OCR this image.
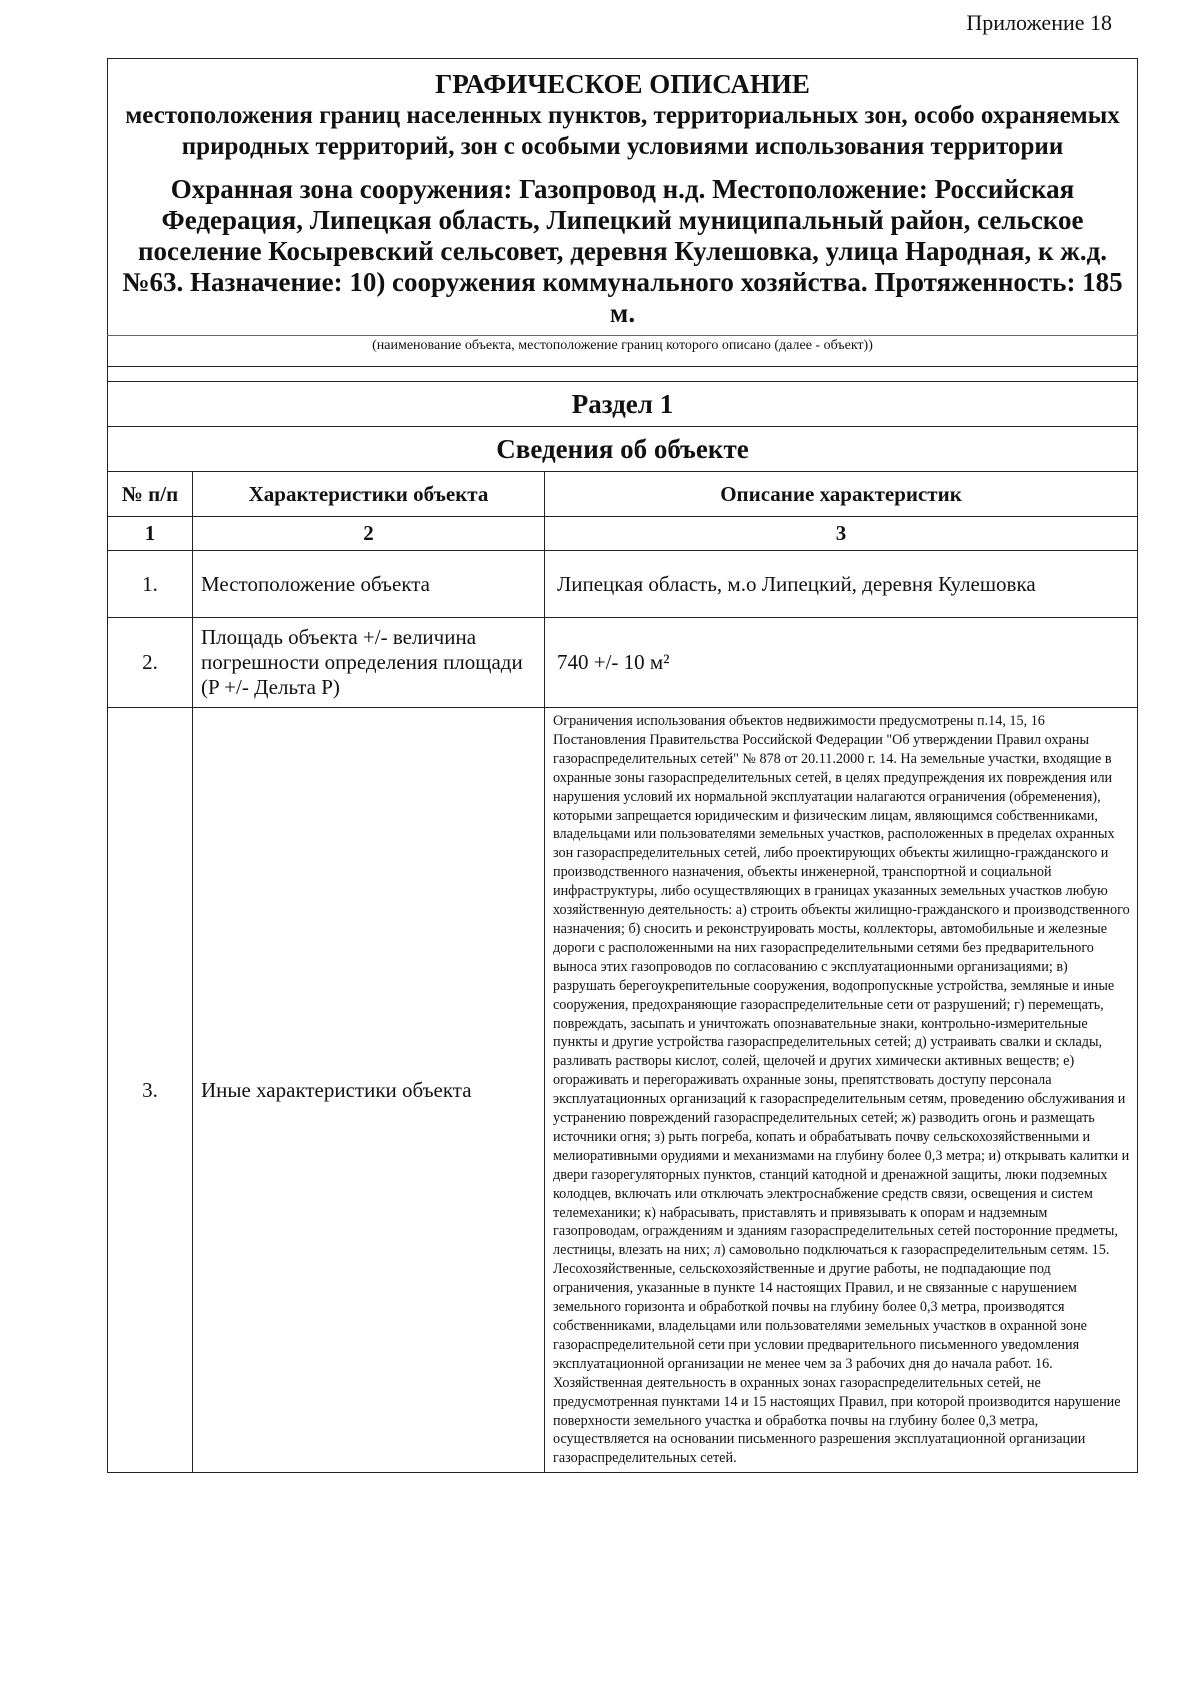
Приложение 18
ГРАФИЧЕСКОЕ ОПИСАНИЕ
местоположения границ населенных пунктов, территориальных зон, особо охраняемых природных территорий, зон с особыми условиями использования территории
Охранная зона сооружения: Газопровод н.д. Местоположение: Российская Федерация, Липецкая область, Липецкий муниципальный район, сельское поселение Косыревский сельсовет, деревня Кулешовка, улица Народная, к ж.д. №63. Назначение: 10) сооружения коммунального хозяйства. Протяженность: 185 м.		

(наименование объекта, местоположение границ которого описано (далее - объект))		

Раздел 1		
Сведения об объекте		
№ п/п	Характеристики объекта	Описание характеристик
1	2	3
1.	Местоположение объекта	Липецкая область, м.о Липецкий, деревня Кулешовка
2.	Площадь объекта +/- величина погрешности определения площади (P +/- Дельта P)	740 +/- 10 м²
3.	Иные характеристики объекта	Ограничения использования объектов недвижимости предусмотрены п.14, 15, 16 Постановления Правительства Российской Федерации "Об утверждении Правил охраны газораспределительных сетей" № 878 от 20.11.2000 г. 14. На земельные участки, входящие в охранные зоны газораспределительных сетей, в целях предупреждения их повреждения или нарушения условий их нормальной эксплуатации налагаются ограничения (обременения), которыми запрещается юридическим и физическим лицам, являющимся собственниками, владельцами или пользователями земельных участков, расположенных в пределах охранных зон газораспределительных сетей, либо проектирующих объекты жилищно-гражданского и производственного назначения, объекты инженерной, транспортной и социальной инфраструктуры, либо осуществляющих в границах указанных земельных участков любую хозяйственную деятельность: а) строить объекты жилищно-гражданского и производственного назначения; б) сносить и реконструировать мосты, коллекторы, автомобильные и железные дороги с расположенными на них газораспределительными сетями без предварительного выноса этих газопроводов по согласованию с эксплуатационными организациями; в) разрушать берегоукрепительные сооружения, водопропускные устройства, земляные и иные сооружения, предохраняющие газораспределительные сети от разрушений; г) перемещать, повреждать, засыпать и уничтожать опознавательные знаки, контрольно-измерительные пункты и другие устройства газораспределительных сетей; д) устраивать свалки и склады, разливать растворы кислот, солей, щелочей и других химически активных веществ; е) огораживать и перегораживать охранные зоны, препятствовать доступу персонала эксплуатационных организаций к газораспределительным сетям, проведению обслуживания и устранению повреждений газораспределительных сетей; ж) разводить огонь и размещать источники огня; з) рыть погреба, копать и обрабатывать почву сельскохозяйственными и мелиоративными орудиями и механизмами на глубину более 0,3 метра; и) открывать калитки и двери газорегуляторных пунктов, станций катодной и дренажной защиты, люки подземных колодцев, включать или отключать электроснабжение средств связи, освещения и систем телемеханики; к) набрасывать, приставлять и привязывать к опорам и надземным газопроводам, ограждениям и зданиям газораспределительных сетей посторонние предметы, лестницы, влезать на них; л) самовольно подключаться к газораспределительным сетям. 15. Лесохозяйственные, сельскохозяйственные и другие работы, не подпадающие под ограничения, указанные в пункте 14 настоящих Правил, и не связанные с нарушением земельного горизонта и обработкой почвы на глубину более 0,3 метра, производятся собственниками, владельцами или пользователями земельных участков в охранной зоне газораспределительной сети при условии предварительного письменного уведомления эксплуатационной организации не менее чем за 3 рабочих дня до начала работ. 16. Хозяйственная деятельность в охранных зонах газораспределительных сетей, не предусмотренная пунктами 14 и 15 настоящих Правил, при которой производится нарушение поверхности земельного участка и обработка почвы на глубину более 0,3 метра, осуществляется на основании письменного разрешения эксплуатационной организации газораспределительных сетей.
